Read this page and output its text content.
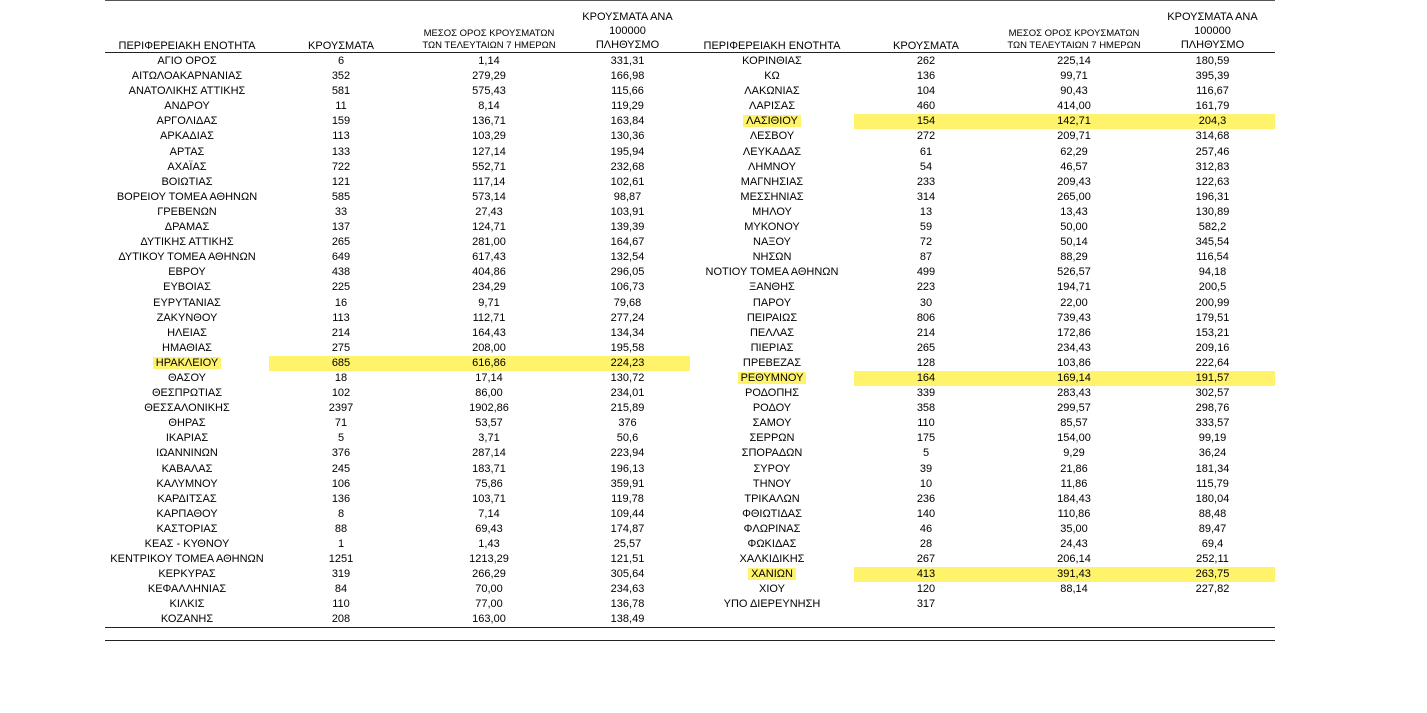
ΠΕΡΙΦΕΡΕΙΑΚΗ ΕΝΟΤΗΤΑ	ΚΡΟΥΣΜΑΤΑ
ΜΕΣΟΣ ΟΡΟΣ ΚΡΟΥΣΜΑΤΩΝ
ΤΩΝ ΤΕΛΕΥΤΑΙΩΝ 7 ΗΜΕΡΩΝ
ΚΡΟΥΣΜΑΤΑ ΑΝΑ 100000
ΠΛΗΘΥΣΜΟ	ΠΕΡΙΦΕΡΕΙΑΚΗ ΕΝΟΤΗΤΑ	ΚΡΟΥΣΜΑΤΑ
ΜΕΣΟΣ ΟΡΟΣ ΚΡΟΥΣΜΑΤΩΝ
ΤΩΝ ΤΕΛΕΥΤΑΙΩΝ 7 ΗΜΕΡΩΝ
ΚΡΟΥΣΜΑΤΑ ΑΝΑ 100000
ΠΛΗΘΥΣΜΟ
ΑΓΙΟ ΟΡΟΣ	6	1,14	331,31
ΑΙΤΩΛΟΑΚΑΡΝΑΝΙΑΣ	352	279,29	166,98
ΑΝΑΤΟΛΙΚΗΣ ΑΤΤΙΚΗΣ	581	575,43	115,66
ΑΝΔΡΟΥ	11	8,14	119,29
ΑΡΓΟΛΙΔΑΣ	159	136,71	163,84
ΑΡΚΑΔΙΑΣ	113	103,29	130,36
ΑΡΤΑΣ	133	127,14	195,94
ΑΧΑΪΑΣ	722	552,71	232,68
ΒΟΙΩΤΙΑΣ	121	117,14	102,61
ΒΟΡΕΙΟΥ ΤΟΜΕΑ ΑΘΗΝΩΝ	585	573,14	98,87
ΓΡΕΒΕΝΩΝ	33	27,43	103,91
ΔΡΑΜΑΣ	137	124,71	139,39
ΔΥΤΙΚΗΣ ΑΤΤΙΚΗΣ	265	281,00	164,67
ΔΥΤΙΚΟΥ ΤΟΜΕΑ ΑΘΗΝΩΝ	649	617,43	132,54
ΕΒΡΟΥ	438	404,86	296,05
ΕΥΒΟΙΑΣ	225	234,29	106,73
ΕΥΡΥΤΑΝΙΑΣ	16	9,71	79,68
ΖΑΚΥΝΘΟΥ	113	112,71	277,24
ΗΛΕΙΑΣ	214	164,43	134,34
ΗΜΑΘΙΑΣ	275	208,00	195,58
ΗΡΑΚΛΕΙΟΥ	685	616,86	224,23
ΘΑΣΟΥ	18	17,14	130,72
ΘΕΣΠΡΩΤΙΑΣ	102	86,00	234,01
ΘΕΣΣΑΛΟΝΙΚΗΣ	2397	1902,86	215,89
ΘΗΡΑΣ	71	53,57	376
ΙΚΑΡΙΑΣ	5	3,71	50,6
ΙΩΑΝΝΙΝΩΝ	376	287,14	223,94
ΚΑΒΑΛΑΣ	245	183,71	196,13
ΚΑΛΥΜΝΟΥ	106	75,86	359,91
ΚΑΡΔΙΤΣΑΣ	136	103,71	119,78
ΚΑΡΠΑΘΟΥ	8	7,14	109,44
ΚΑΣΤΟΡΙΑΣ	88	69,43	174,87
ΚΕΑΣ - ΚΥΘΝΟΥ	1	1,43	25,57
ΚΕΝΤΡΙΚΟΥ ΤΟΜΕΑ ΑΘΗΝΩΝ	1251	1213,29	121,51
ΚΕΡΚΥΡΑΣ	319	266,29	305,64
ΚΕΦΑΛΛΗΝΙΑΣ	84	70,00	234,63
ΚΙΛΚΙΣ	110	77,00	136,78
ΚΟΖΑΝΗΣ	208	163,00	138,49
ΚΟΡΙΝΘΙΑΣ	262	225,14	180,59
ΚΩ	136	99,71	395,39
ΛΑΚΩΝΙΑΣ	104	90,43	116,67
ΛΑΡΙΣΑΣ	460	414,00	161,79
ΛΑΣΙΘΙΟΥ	154	142,71	204,3
ΛΕΣΒΟΥ	272	209,71	314,68
ΛΕΥΚΑΔΑΣ	61	62,29	257,46
ΛΗΜΝΟΥ	54	46,57	312,83
ΜΑΓΝΗΣΙΑΣ	233	209,43	122,63
ΜΕΣΣΗΝΙΑΣ	314	265,00	196,31
ΜΗΛΟΥ	13	13,43	130,89
ΜΥΚΟΝΟΥ	59	50,00	582,2
ΝΑΞΟΥ	72	50,14	345,54
ΝΗΣΩΝ	87	88,29	116,54
ΝΟΤΙΟΥ ΤΟΜΕΑ ΑΘΗΝΩΝ	499	526,57	94,18
ΞΑΝΘΗΣ	223	194,71	200,5
ΠΑΡΟΥ	30	22,00	200,99
ΠΕΙΡΑΙΩΣ	806	739,43	179,51
ΠΕΛΛΑΣ	214	172,86	153,21
ΠΙΕΡΙΑΣ	265	234,43	209,16
ΠΡΕΒΕΖΑΣ	128	103,86	222,64
ΡΕΘΥΜΝΟΥ	164	169,14	191,57
ΡΟΔΟΠΗΣ	339	283,43	302,57
ΡΟΔΟΥ	358	299,57	298,76
ΣΑΜΟΥ	110	85,57	333,57
ΣΕΡΡΩΝ	175	154,00	99,19
ΣΠΟΡΑΔΩΝ	5	9,29	36,24
ΣΥΡΟΥ	39	21,86	181,34
ΤΗΝΟΥ	10	11,86	115,79
ΤΡΙΚΑΛΩΝ	236	184,43	180,04
ΦΘΙΩΤΙΔΑΣ	140	110,86	88,48
ΦΛΩΡΙΝΑΣ	46	35,00	89,47
ΦΩΚΙΔΑΣ	28	24,43	69,4
ΧΑΛΚΙΔΙΚΗΣ	267	206,14	252,11
ΧΑΝΙΩΝ	413	391,43	263,75
ΧΙΟΥ	120	88,14	227,82
ΥΠΟ ΔΙΕΡΕΥΝΗΣΗ	317
